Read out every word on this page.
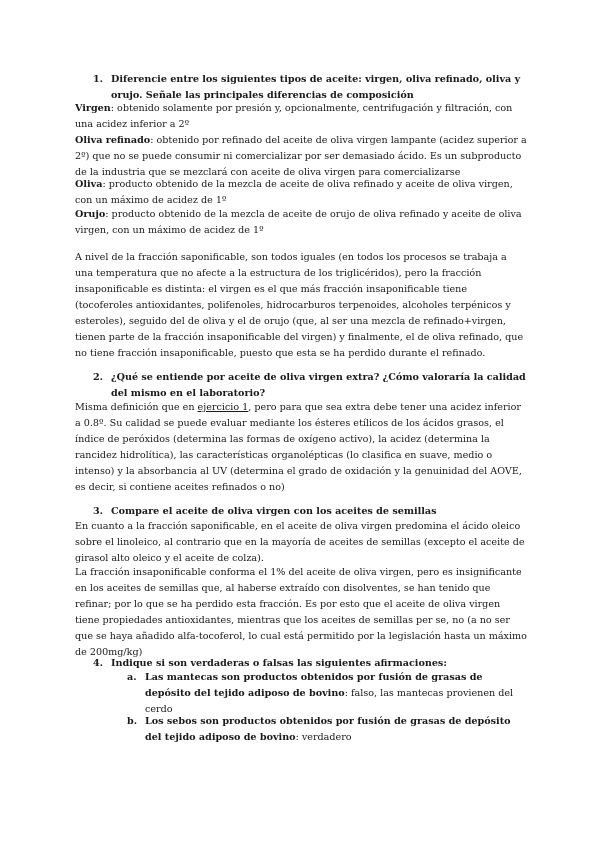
1. Diferencie entre los siguientes tipos de aceite: virgen, oliva refinado, oliva y orujo. Señale las principales diferencias de composición
Virgen: obtenido solamente por presión y, opcionalmente, centrifugación y filtración, con una acidez inferior a 2º
Oliva refinado: obtenido por refinado del aceite de oliva virgen lampante (acidez superior a 2º) que no se puede consumir ni comercializar por ser demasiado ácido. Es un subproducto de la industria que se mezclará con aceite de oliva virgen para comercializarse
Oliva: producto obtenido de la mezcla de aceite de oliva refinado y aceite de oliva virgen, con un máximo de acidez de 1º
Orujo: producto obtenido de la mezcla de aceite de orujo de oliva refinado y aceite de oliva virgen, con un máximo de acidez de 1º
A nivel de la fracción saponificable, son todos iguales (en todos los procesos se trabaja a una temperatura que no afecte a la estructura de los triglicéridos), pero la fracción insaponificable es distinta: el virgen es el que más fracción insaponificable tiene (tocoferoles antioxidantes, polifenoles, hidrocarburos terpenoides, alcoholes terpénicos y esteroles), seguido del de oliva y el de orujo (que, al ser una mezcla de refinado+virgen, tienen parte de la fracción insaponificable del virgen) y finalmente, el de oliva refinado, que no tiene fracción insaponificable, puesto que esta se ha perdido durante el refinado.
2. ¿Qué se entiende por aceite de oliva virgen extra? ¿Cómo valoraría la calidad del mismo en el laboratorio?
Misma definición que en ejercicio 1, pero para que sea extra debe tener una acidez inferior a 0.8º. Su calidad se puede evaluar mediante los ésteres etílicos de los ácidos grasos, el índice de peróxidos (determina las formas de oxígeno activo), la acidez (determina la rancidez hidrolítica), las características organolépticas (lo clasifica en suave, medio o intenso) y la absorbancia al UV (determina el grado de oxidación y la genuinidad del AOVE, es decir, si contiene aceites refinados o no)
3. Compare el aceite de oliva virgen con los aceites de semillas
En cuanto a la fracción saponificable, en el aceite de oliva virgen predomina el ácido oleico sobre el linoleico, al contrario que en la mayoría de aceites de semillas (excepto el aceite de girasol alto oleico y el aceite de colza).
La fracción insaponificable conforma el 1% del aceite de oliva virgen, pero es insignificante en los aceites de semillas que, al haberse extraído con disolventes, se han tenido que refinar; por lo que se ha perdido esta fracción. Es por esto que el aceite de oliva virgen tiene propiedades antioxidantes, mientras que los aceites de semillas per se, no (a no ser que se haya añadido alfa-tocoferol, lo cual está permitido por la legislación hasta un máximo de 200mg/kg)
4. Indique si son verdaderas o falsas las siguientes afirmaciones:
a. Las mantecas son productos obtenidos por fusión de grasas de depósito del tejido adiposo de bovino: falso, las mantecas provienen del cerdo
b. Los sebos son productos obtenidos por fusión de grasas de depósito del tejido adiposo de bovino: verdadero
